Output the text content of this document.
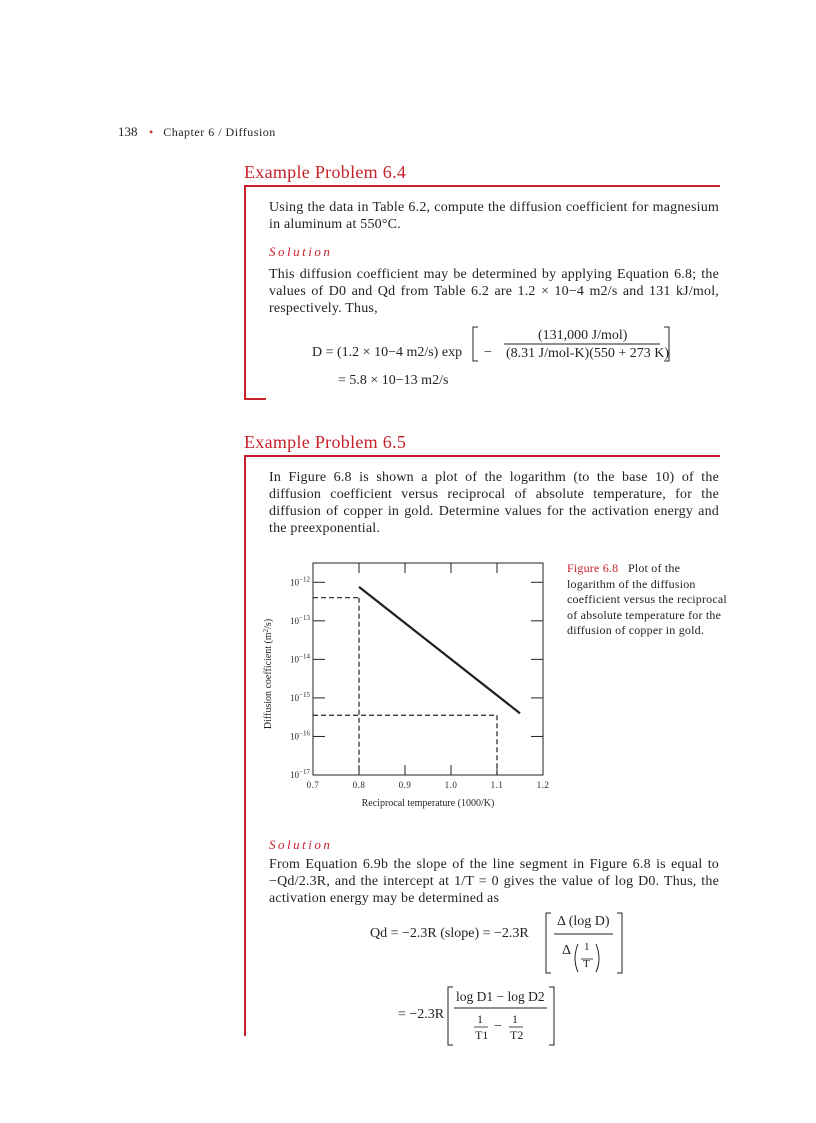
138 • Chapter 6 / Diffusion
Example Problem 6.4
Using the data in Table 6.2, compute the diffusion coefficient for magnesium in aluminum at 550°C.
Solution
This diffusion coefficient may be determined by applying Equation 6.8; the values of D0 and Qd from Table 6.2 are 1.2 × 10−4 m2/s and 131 kJ/mol, respectively. Thus,
D = (1.2 × 10−4 m2/s) exp −
(131,000 J/mol)
(8.31 J/mol-K)(550 + 273 K)
= 5.8 × 10−13 m2/s
Example Problem 6.5
In Figure 6.8 is shown a plot of the logarithm (to the base 10) of the diffusion coefficient versus reciprocal of absolute temperature, for the diffusion of copper in gold. Determine values for the activation energy and the preexponential.
0.7	0.8	0.9	1.0	1.1	1.2
$10^{-12}$
$10^{-13}$
$10^{-14}$
$10^{-15}$
$10^{-16}$
$10^{-17}$
Reciprocal temperature (1000/K)
Diffusion coefficient $(m^2/s)$
Figure 6.8 Plot of the logarithm of the diffusion coefficient versus the reciprocal of absolute temperature for the diffusion of copper in gold.
Solution
From Equation 6.9b the slope of the line segment in Figure 6.8 is equal to −Qd/2.3R, and the intercept at 1/T = 0 gives the value of log D0. Thus, the activation energy may be determined as
Qd = −2.3R (slope) = −2.3R
Δ (log D)
Δ 1
T
= −2.3R
log D1 − log D2
1
T1
− 1
T2
